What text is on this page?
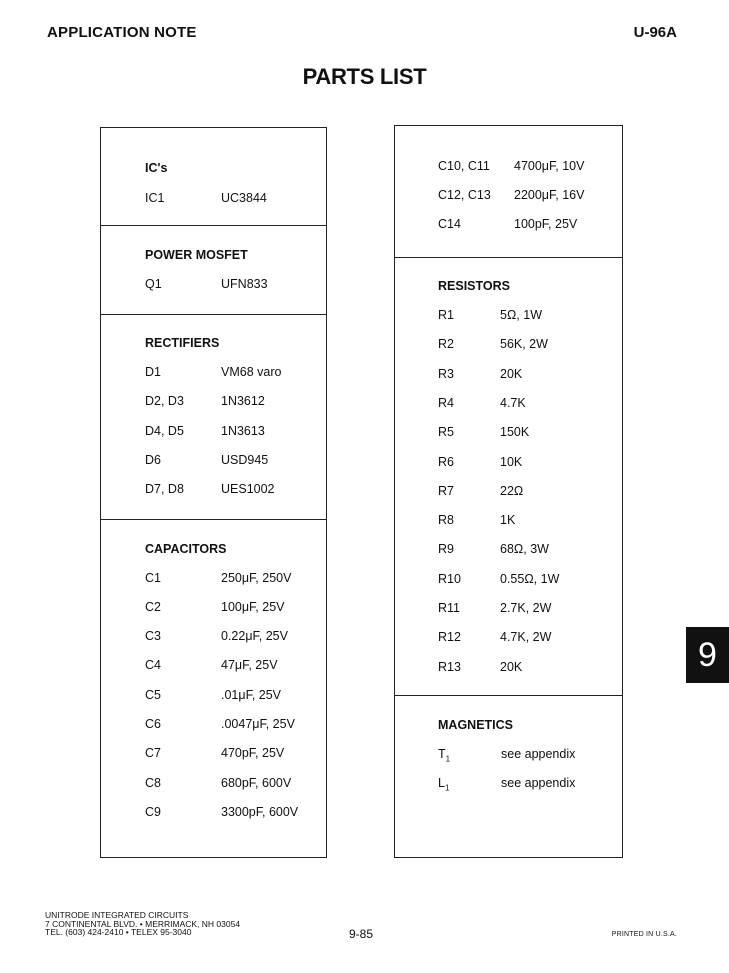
APPLICATION NOTE	U-96A
PARTS LIST
IC's
IC1	UC3844
POWER MOSFET
Q1	UFN833
RECTIFIERS
D1	VM68 varo
D2, D3	1N3612
D4, D5	1N3613
D6	USD945
D7, D8	UES1002
CAPACITORS
C1	250μF, 250V
C2	100μF, 25V
C3	0.22μF, 25V
C4	47μF, 25V
C5	.01μF, 25V
C6	.0047μF, 25V
C7	470pF, 25V
C8	680pF, 600V
C9	3300pF, 600V
C10, C11 4700μF, 10V
C12, C13 2200μF, 16V
C14	100pF, 25V
RESISTORS
R1	5Ω, 1W
R2	56K, 2W
R3	20K
R4	4.7K
R5	150K
R6	10K
R7	22Ω
R8	1K
R9	68Ω, 3W
R10	0.55Ω, 1W
R11	2.7K, 2W
R12	4.7K, 2W
R13	20K
MAGNETICS
$T_1$	see appendix
$L_1$	see appendix
9
UNITRODE INTEGRATED CIRCUITS
7 CONTINENTAL BLVD. • MERRIMACK, NH 03054
TEL. (603) 424-2410 • TELEX 95-3040	9-85	PRINTED IN U.S.A.
